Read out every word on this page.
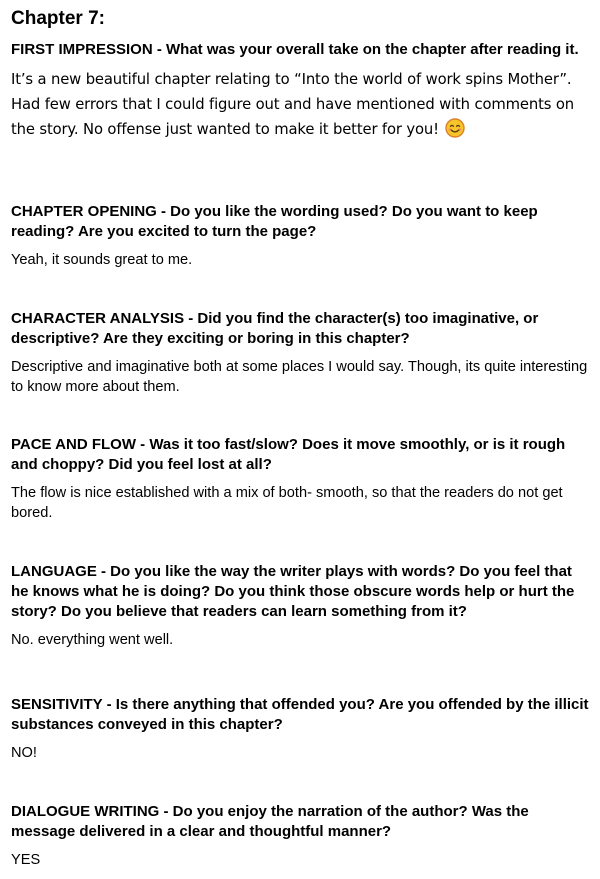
Chapter 7:

FIRST IMPRESSION - What was your overall take on the chapter after reading it.

It’s a new beautiful chapter relating to “Into the world of work spins Mother”. Had few errors that I could figure out and have mentioned with comments on the story. No offense just wanted to make it better for you!

CHAPTER OPENING - Do you like the wording used? Do you want to keep reading? Are you excited to turn the page?

Yeah, it sounds great to me.

CHARACTER ANALYSIS - Did you find the character(s) too imaginative, or descriptive? Are they exciting or boring in this chapter?

Descriptive and imaginative both at some places I would say. Though, its quite interesting to know more about them.

PACE AND FLOW - Was it too fast/slow? Does it move smoothly, or is it rough and choppy? Did you feel lost at all?

The flow is nice established with a mix of both- smooth, so that the readers do not get bored.

LANGUAGE - Do you like the way the writer plays with words? Do you feel that he knows what he is doing? Do you think those obscure words help or hurt the story? Do you believe that readers can learn something from it?

No. everything went well.

SENSITIVITY - Is there anything that offended you? Are you offended by the illicit substances conveyed in this chapter?

NO!

DIALOGUE WRITING - Do you enjoy the narration of the author? Was the message delivered in a clear and thoughtful manner?

YES
